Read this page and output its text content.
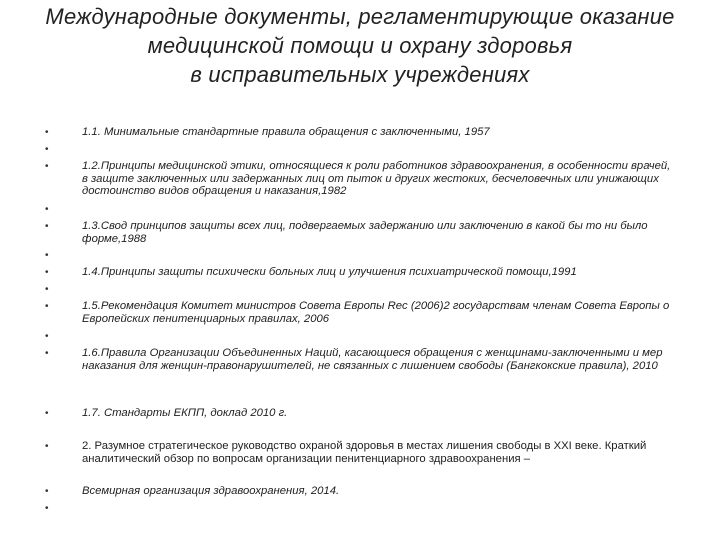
Международные документы, регламентирующие оказание
медицинской помощи и охрану здоровья
в исправительных учреждениях
•	1.1. Минимальные стандартные правила обращения с заключенными, 1957
•
•	1.2.Принципы медицинской этики, относящиеся к роли работников здравоохранения, в особенности врачей, в защите заключенных или задержанных лиц от пыток и других жестоких, бесчеловечных или унижающих достоинство видов обращения и наказания,1982
•
•	1.3.Свод принципов защиты всех лиц, подвергаемых задержанию или заключению в какой бы то ни было форме,1988
•
•	1.4.Принципы защиты психически больных лиц и улучшения психиатрической помощи,1991
•
•	1.5.Рекомендация Комитет министров Совета Европы Rec (2006)2 государствам членам Совета Европы о Европейских пенитенциарных правилах, 2006
•
•	1.6.Правила Организации Объединенных Наций, касающиеся обращения с женщинами-заключенными и мер наказания для женщин-правонарушителей, не связанных с лишением свободы (Бангкокские правила), 2010
•	1.7. Стандарты ЕКПП, доклад 2010 г.
•	2. Разумное стратегическое руководство охраной здоровья в местах лишения свободы в XXI веке. Краткий аналитический обзор по вопросам организации пенитенциарного здравоохранения –
•	Всемирная организация здравоохранения, 2014.
•
